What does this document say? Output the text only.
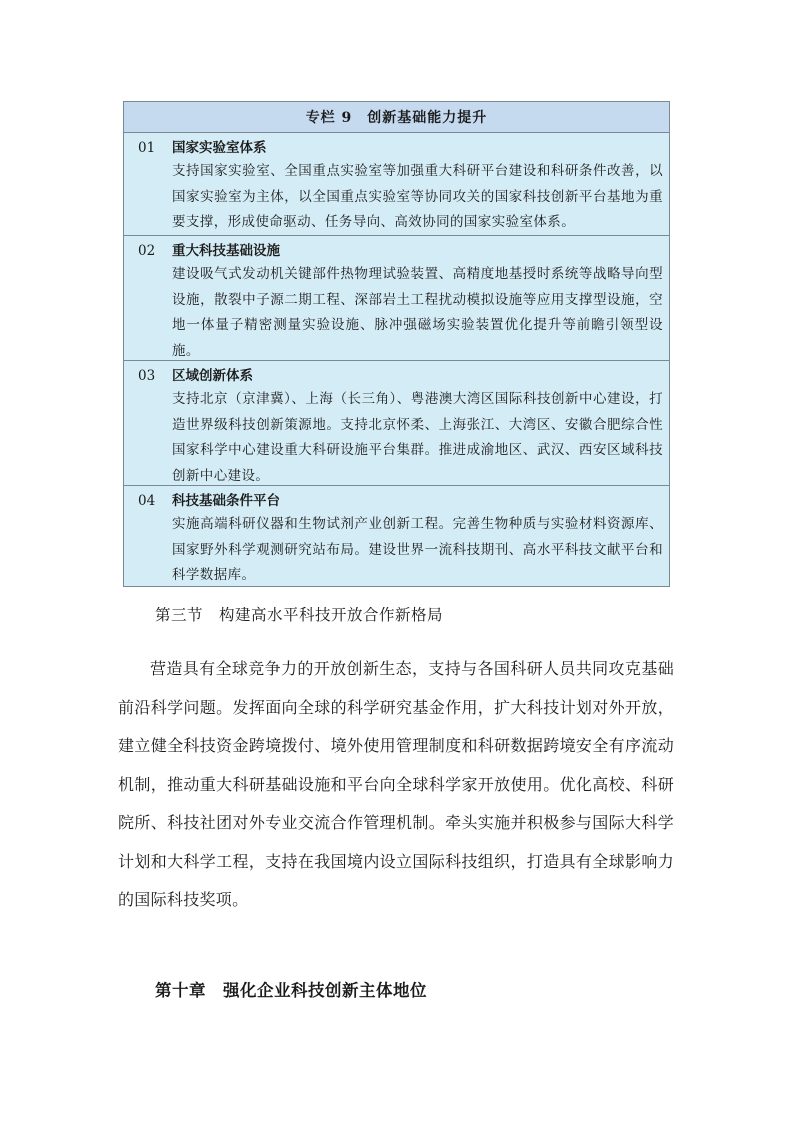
专栏 9　创新基础能力提升
01	国家实验室体系
支持国家实验室、全国重点实验室等加强重大科研平台建设和科研条件改善，以国家实验室为主体，以全国重点实验室等协同攻关的国家科技创新平台基地为重要支撑，形成使命驱动、任务导向、高效协同的国家实验室体系。
02	重大科技基础设施
建设吸气式发动机关键部件热物理试验装置、高精度地基授时系统等战略导向型设施，散裂中子源二期工程、深部岩土工程扰动模拟设施等应用支撑型设施，空地一体量子精密测量实验设施、脉冲强磁场实验装置优化提升等前瞻引领型设施。
03	区域创新体系
支持北京（京津冀）、上海（长三角）、粤港澳大湾区国际科技创新中心建设，打造世界级科技创新策源地。支持北京怀柔、上海张江、大湾区、安徽合肥综合性国家科学中心建设重大科研设施平台集群。推进成渝地区、武汉、西安区域科技创新中心建设。
04	科技基础条件平台
实施高端科研仪器和生物试剂产业创新工程。完善生物种质与实验材料资源库、国家野外科学观测研究站布局。建设世界一流科技期刊、高水平科技文献平台和科学数据库。
第三节　构建高水平科技开放合作新格局

营造具有全球竞争力的开放创新生态，支持与各国科研人员共同攻克基础前沿科学问题。发挥面向全球的科学研究基金作用，扩大科技计划对外开放，建立健全科技资金跨境拨付、境外使用管理制度和科研数据跨境安全有序流动机制，推动重大科研基础设施和平台向全球科学家开放使用。优化高校、科研院所、科技社团对外专业交流合作管理机制。牵头实施并积极参与国际大科学计划和大科学工程，支持在我国境内设立国际科技组织，打造具有全球影响力的国际科技奖项。

第十章　强化企业科技创新主体地位
